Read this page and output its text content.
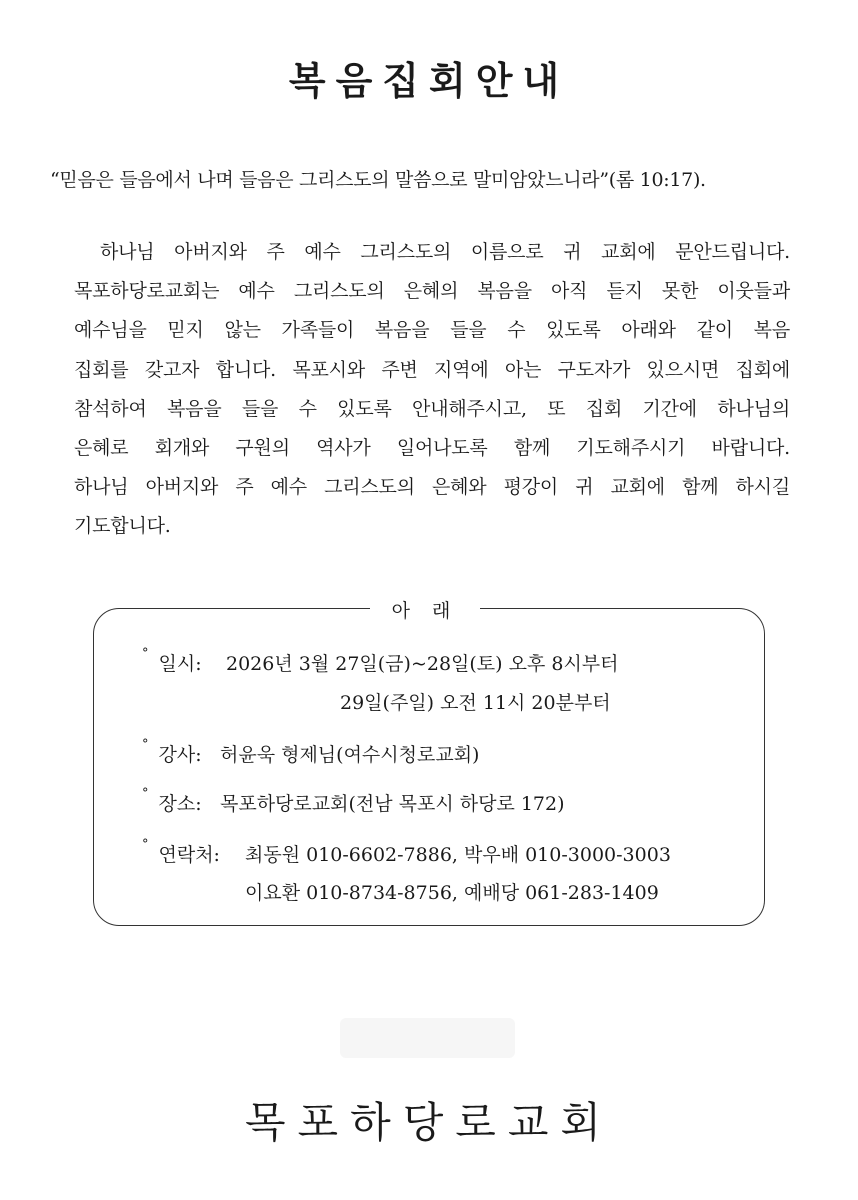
복음집회안내
“믿음은 들음에서 나며 들음은 그리스도의 말씀으로 말미암았느니라”(롬 10:17).
하나님 아버지와 주 예수 그리스도의 이름으로 귀 교회에 문안드립니다.
목포하당로교회는 예수 그리스도의 은혜의 복음을 아직 듣지 못한 이웃들과
예수님을 믿지 않는 가족들이 복음을 들을 수 있도록 아래와 같이 복음
집회를 갖고자 합니다. 목포시와 주변 지역에 아는 구도자가 있으시면 집회에
참석하여 복음을 들을 수 있도록 안내해주시고, 또 집회 기간에 하나님의
은혜로 회개와 구원의 역사가 일어나도록 함께 기도해주시기 바랍니다.
하나님 아버지와 주 예수 그리스도의 은혜와 평강이 귀 교회에 함께 하시길
기도합니다.
아 래
° 일시: 2026년 3월 27일(금)~28일(토) 오후 8시부터
29일(주일) 오전 11시 20분부터
° 강사: 허윤욱 형제님(여수시청로교회)
° 장소: 목포하당로교회(전남 목포시 하당로 172)
° 연락처: 최동원 010-6602-7886, 박우배 010-3000-3003
이요환 010-8734-8756, 예배당 061-283-1409
목포하당로교회
